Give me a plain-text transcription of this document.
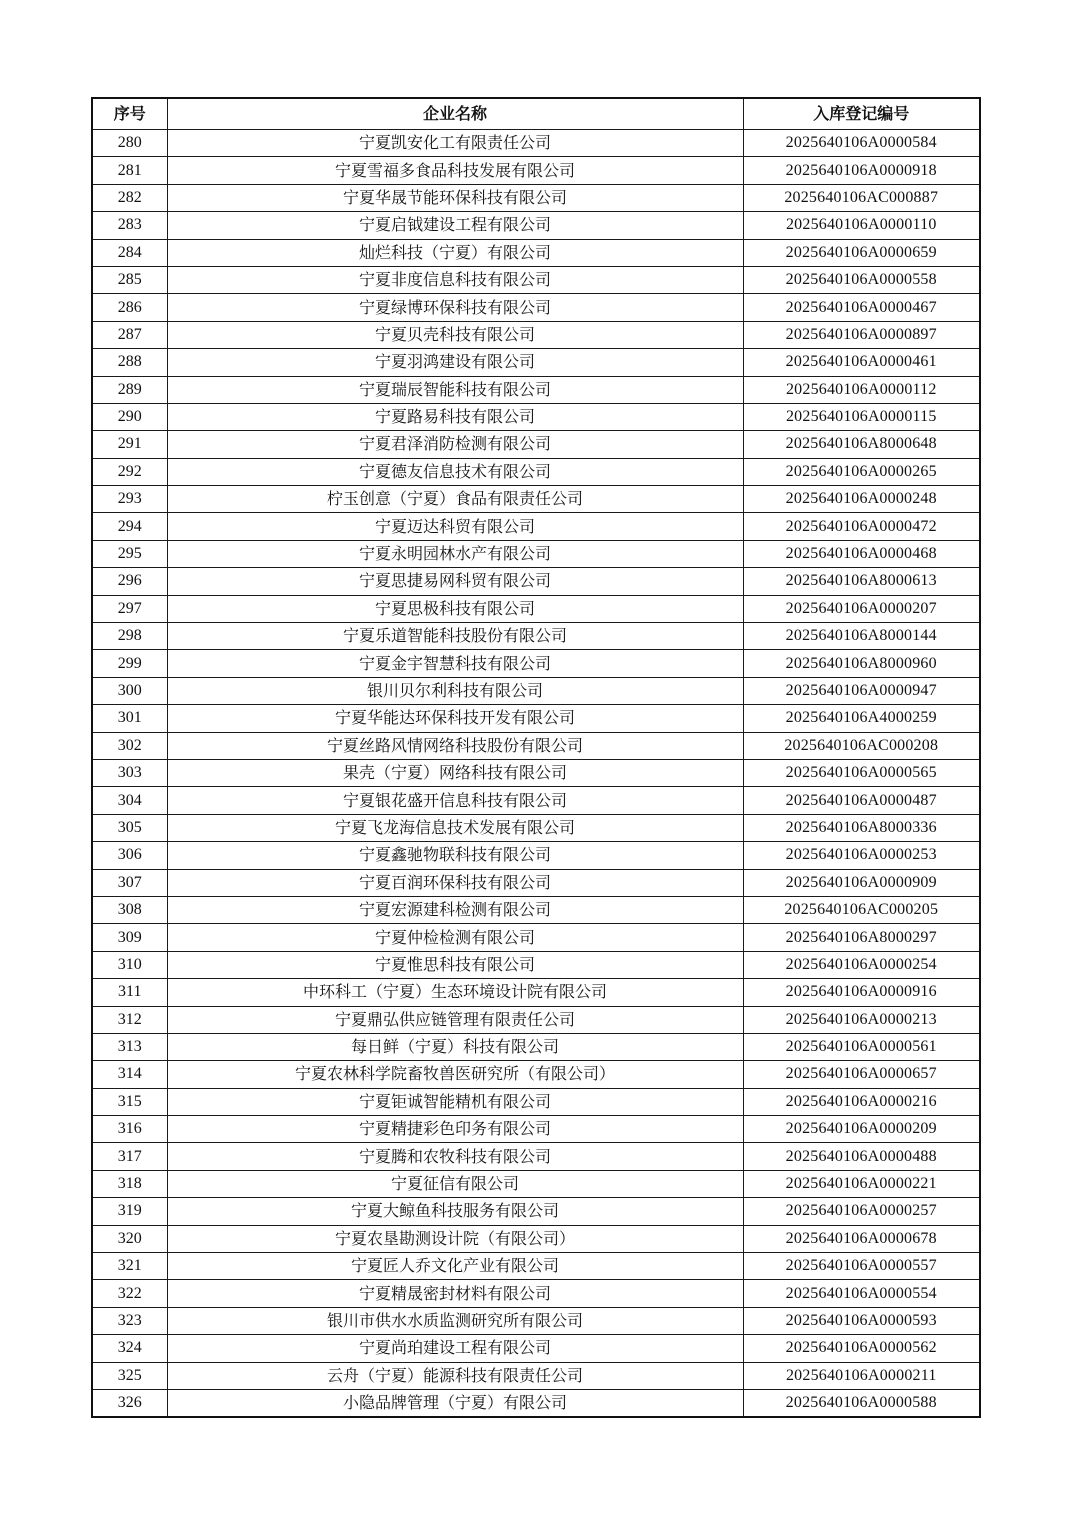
序号	企业名称	入库登记编号
280	宁夏凯安化工有限责任公司	2025640106A0000584
281	宁夏雪福多食品科技发展有限公司	2025640106A0000918
282	宁夏华晟节能环保科技有限公司	2025640106AC000887
283	宁夏启钺建设工程有限公司	2025640106A0000110
284	灿烂科技（宁夏）有限公司	2025640106A0000659
285	宁夏非度信息科技有限公司	2025640106A0000558
286	宁夏绿博环保科技有限公司	2025640106A0000467
287	宁夏贝壳科技有限公司	2025640106A0000897
288	宁夏羽鸿建设有限公司	2025640106A0000461
289	宁夏瑞辰智能科技有限公司	2025640106A0000112
290	宁夏路易科技有限公司	2025640106A0000115
291	宁夏君泽消防检测有限公司	2025640106A8000648
292	宁夏德友信息技术有限公司	2025640106A0000265
293	柠玉创意（宁夏）食品有限责任公司	2025640106A0000248
294	宁夏迈达科贸有限公司	2025640106A0000472
295	宁夏永明园林水产有限公司	2025640106A0000468
296	宁夏思捷易网科贸有限公司	2025640106A8000613
297	宁夏思极科技有限公司	2025640106A0000207
298	宁夏乐道智能科技股份有限公司	2025640106A8000144
299	宁夏金宇智慧科技有限公司	2025640106A8000960
300	银川贝尔利科技有限公司	2025640106A0000947
301	宁夏华能达环保科技开发有限公司	2025640106A4000259
302	宁夏丝路风情网络科技股份有限公司	2025640106AC000208
303	果壳（宁夏）网络科技有限公司	2025640106A0000565
304	宁夏银花盛开信息科技有限公司	2025640106A0000487
305	宁夏飞龙海信息技术发展有限公司	2025640106A8000336
306	宁夏鑫驰物联科技有限公司	2025640106A0000253
307	宁夏百润环保科技有限公司	2025640106A0000909
308	宁夏宏源建科检测有限公司	2025640106AC000205
309	宁夏仲检检测有限公司	2025640106A8000297
310	宁夏惟思科技有限公司	2025640106A0000254
311	中环科工（宁夏）生态环境设计院有限公司	2025640106A0000916
312	宁夏鼎弘供应链管理有限责任公司	2025640106A0000213
313	每日鲜（宁夏）科技有限公司	2025640106A0000561
314	宁夏农林科学院畜牧兽医研究所（有限公司）	2025640106A0000657
315	宁夏钜诚智能精机有限公司	2025640106A0000216
316	宁夏精捷彩色印务有限公司	2025640106A0000209
317	宁夏腾和农牧科技有限公司	2025640106A0000488
318	宁夏征信有限公司	2025640106A0000221
319	宁夏大鲸鱼科技服务有限公司	2025640106A0000257
320	宁夏农垦勘测设计院（有限公司）	2025640106A0000678
321	宁夏匠人乔文化产业有限公司	2025640106A0000557
322	宁夏精晟密封材料有限公司	2025640106A0000554
323	银川市供水水质监测研究所有限公司	2025640106A0000593
324	宁夏尚珀建设工程有限公司	2025640106A0000562
325	云舟（宁夏）能源科技有限责任公司	2025640106A0000211
326	小隐品牌管理（宁夏）有限公司	2025640106A0000588
